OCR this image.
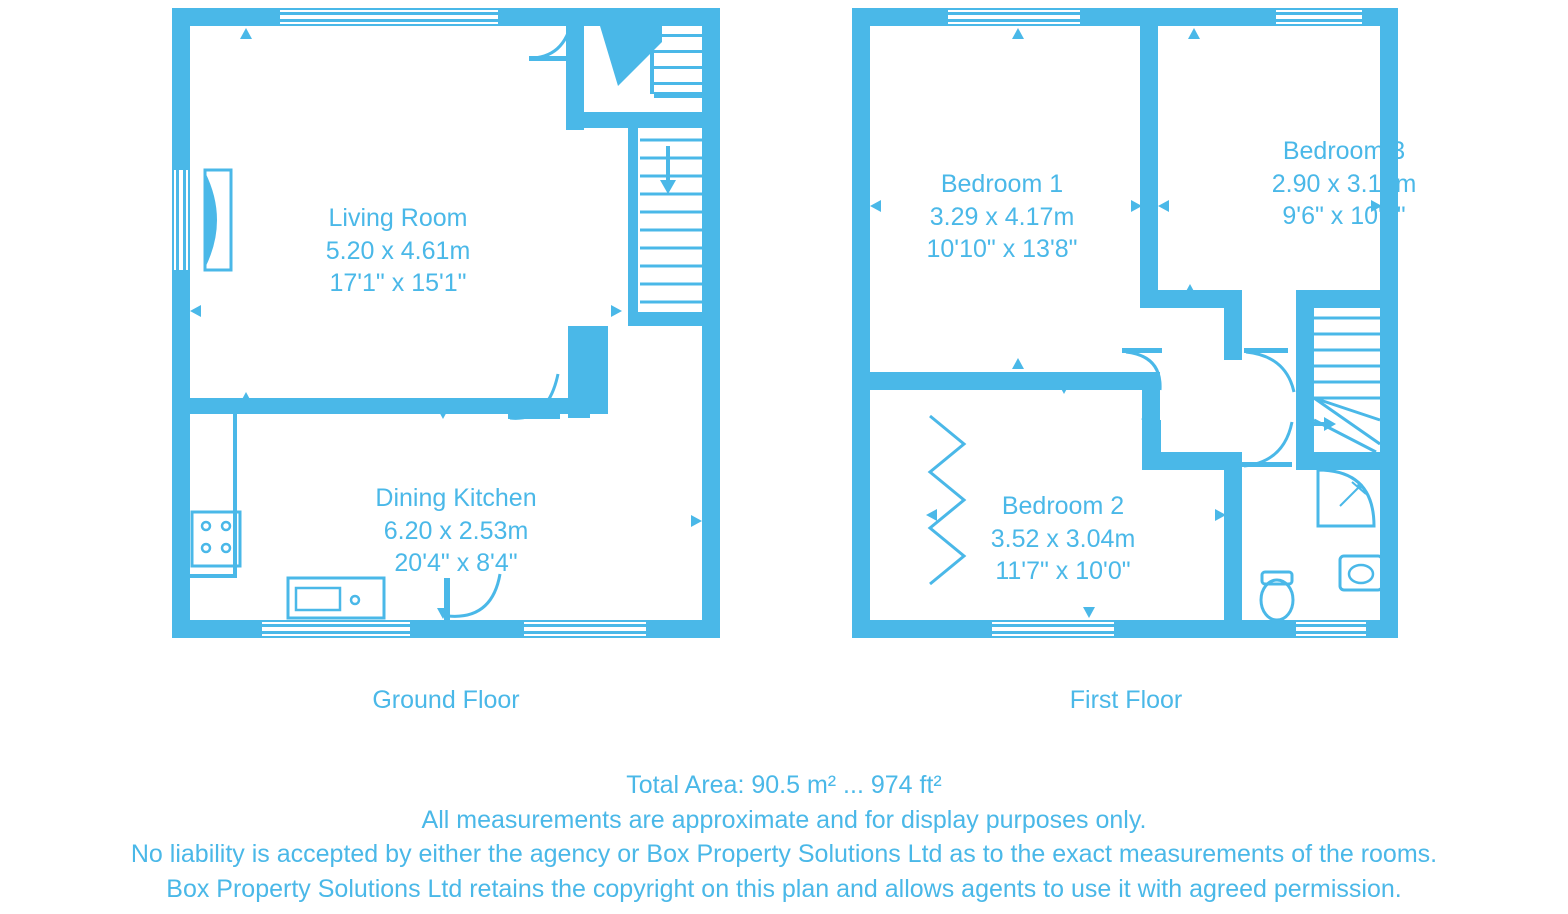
Living Room
5.20 x 4.61m
17'1" x 15'1"
Dining Kitchen
6.20 x 2.53m
20'4" x 8'4"
Bedroom 1
3.29 x 4.17m
10'10" x 13'8"
Bedroom 3
2.90 x 3.18m
9'6" x 10'5"
Bedroom 2
3.52 x 3.04m
11'7" x 10'0"
Ground Floor	First Floor
Total Area: 90.5 m² ... 974 ft²
All measurements are approximate and for display purposes only.
No liability is accepted by either the agency or Box Property Solutions Ltd as to the exact measurements of the rooms.
Box Property Solutions Ltd retains the copyright on this plan and allows agents to use it with agreed permission.
